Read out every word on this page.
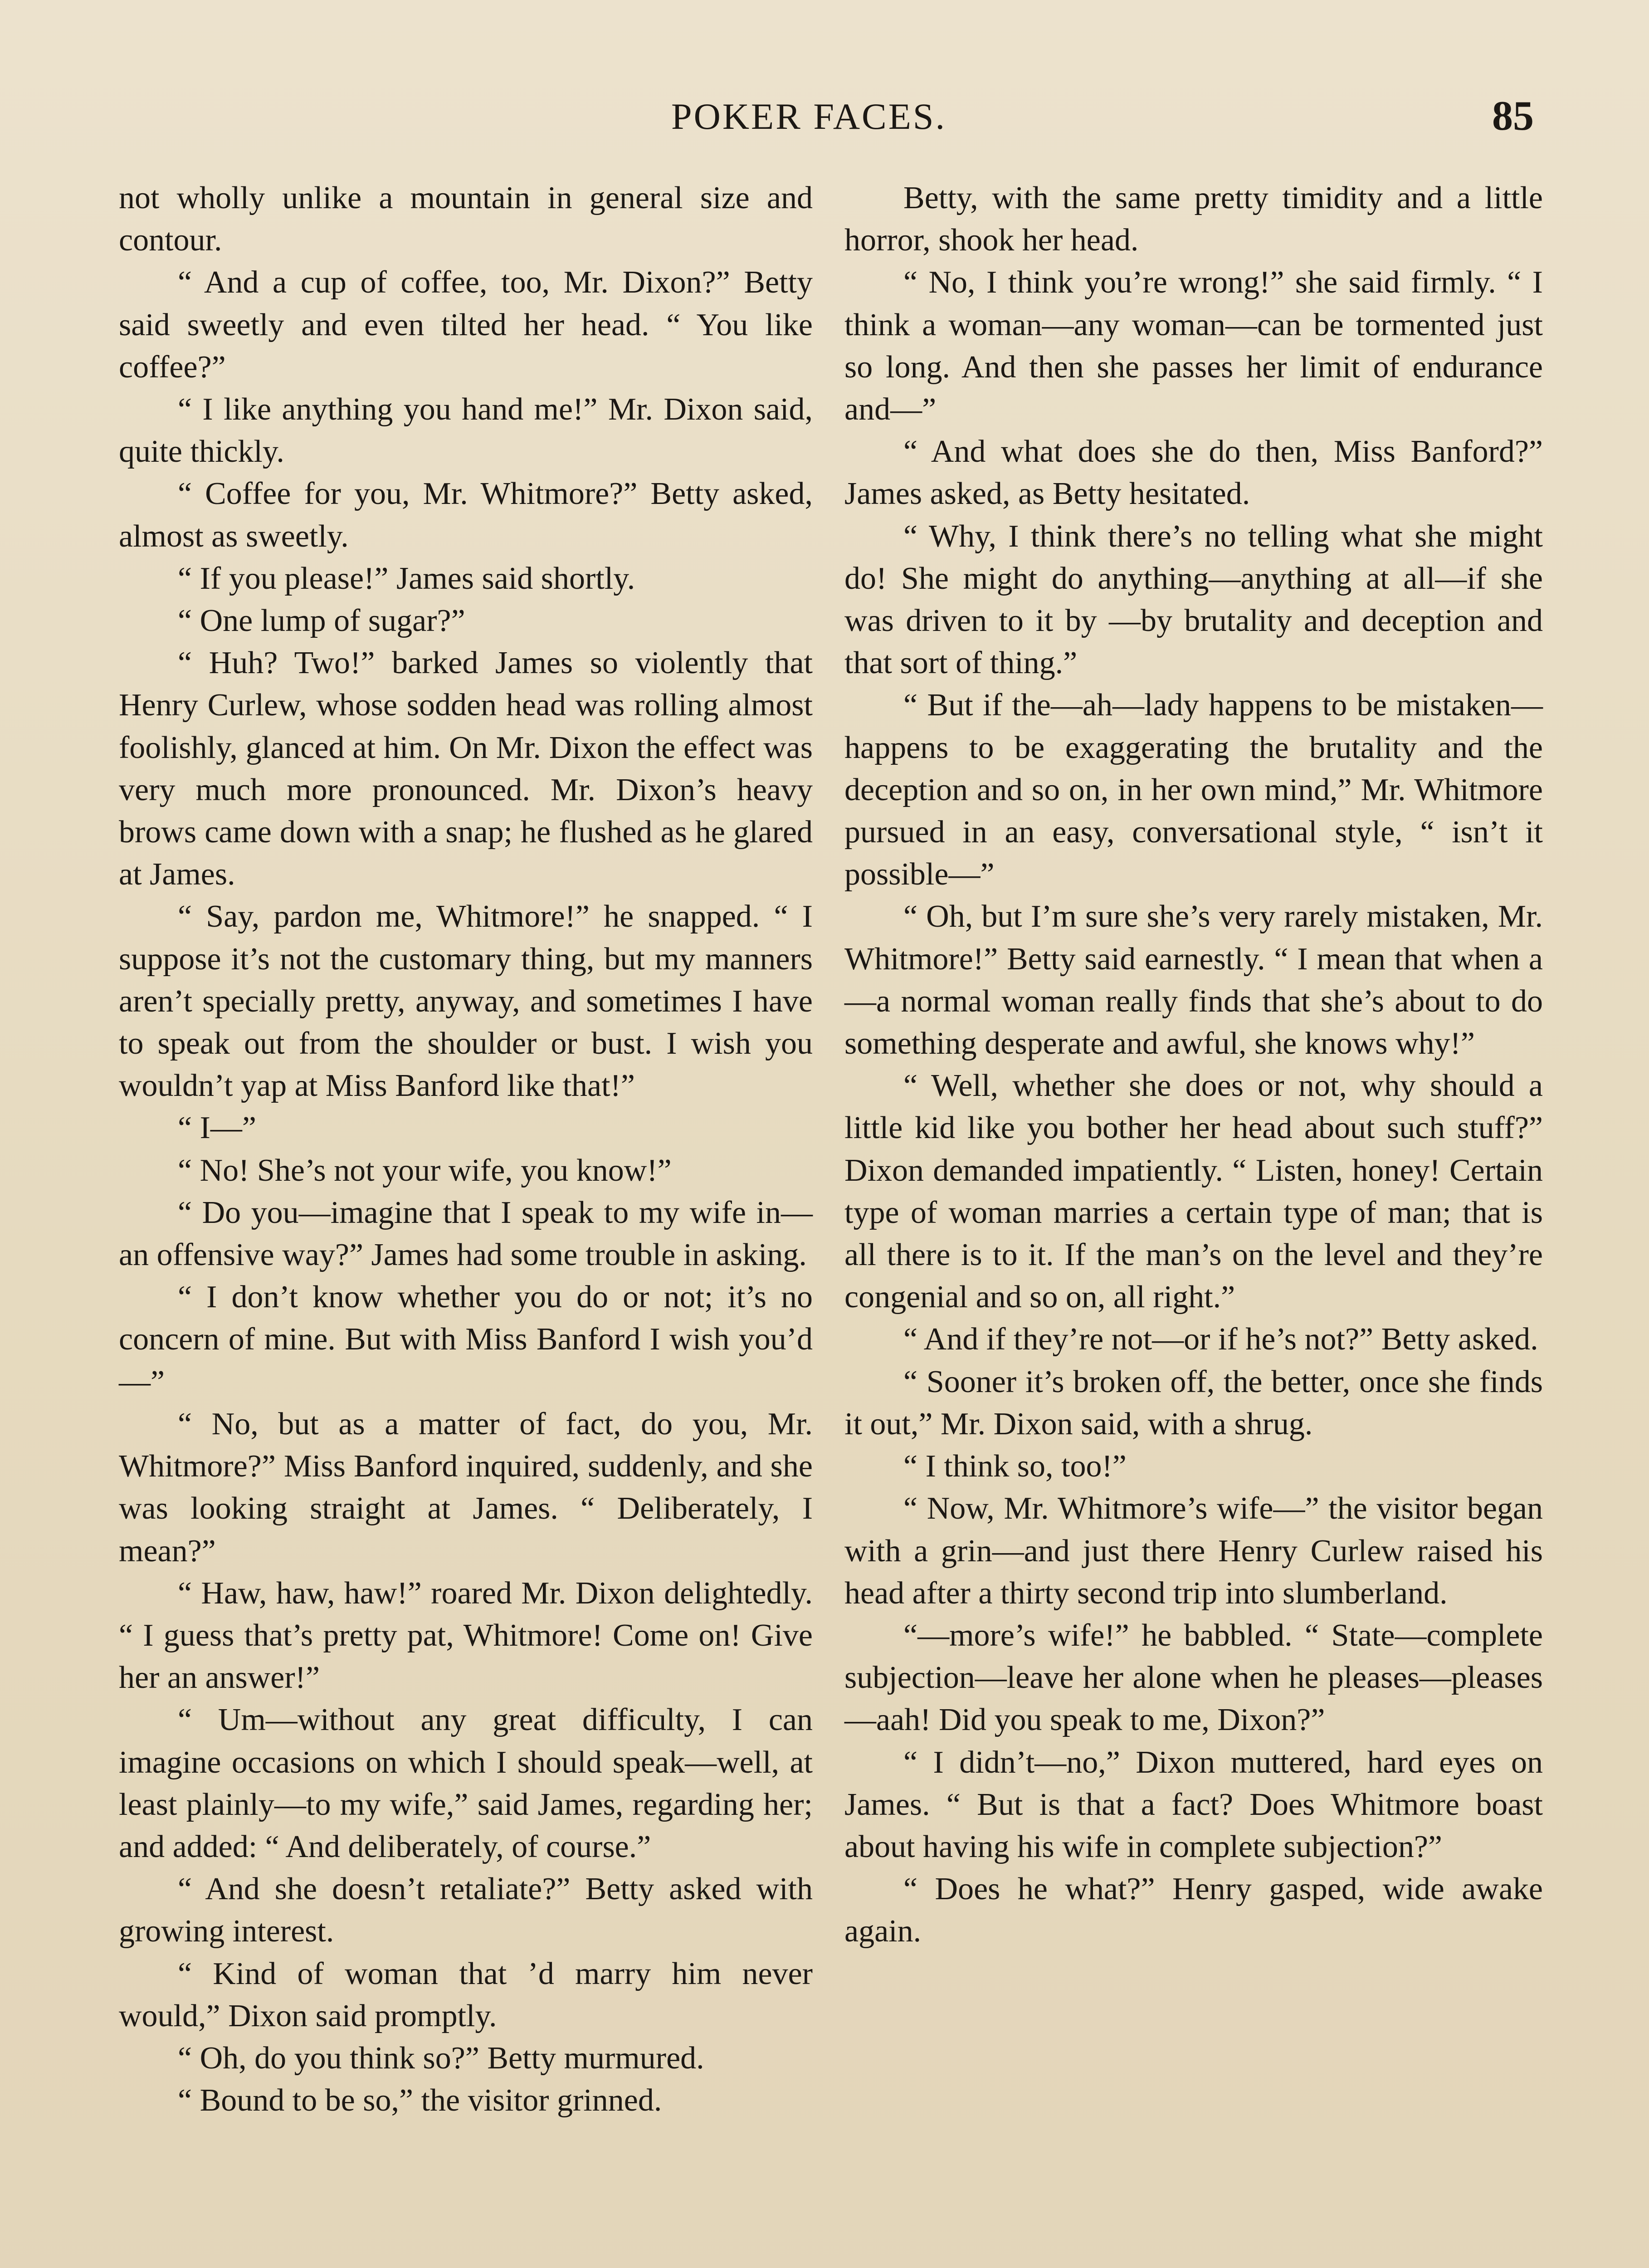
POKER FACES.	85

not wholly unlike a mountain in general size and contour.

“ And a cup of coffee, too, Mr. Dixon?” Betty said sweetly and even tilted her head. “ You like coffee?”

“ I like anything you hand me!” Mr. Dixon said, quite thickly.

“ Coffee for you, Mr. Whitmore?” Betty asked, almost as sweetly.

“ If you please!” James said shortly.

“ One lump of sugar?”

“ Huh? Two!” barked James so violently that Henry Curlew, whose sodden head was rolling almost foolishly, glanced at him. On Mr. Dixon the effect was very much more pronounced. Mr. Dixon’s heavy brows came down with a snap; he flushed as he glared at James.

“ Say, pardon me, Whitmore!” he snapped. “ I suppose it’s not the customary thing, but my manners aren’t specially pretty, anyway, and sometimes I have to speak out from the shoulder or bust. I wish you wouldn’t yap at Miss Banford like that!”

“ I—”

“ No! She’s not your wife, you know!”

“ Do you—imagine that I speak to my wife in—an offensive way?” James had some trouble in asking.

“ I don’t know whether you do or not; it’s no concern of mine. But with Miss Banford I wish you’d—”

“ No, but as a matter of fact, do you, Mr. Whitmore?” Miss Banford inquired, suddenly, and she was looking straight at James. “ Deliberately, I mean?”

“ Haw, haw, haw!” roared Mr. Dixon delightedly. “ I guess that’s pretty pat, Whitmore! Come on! Give her an answer!”

“ Um—without any great difficulty, I can imagine occasions on which I should speak—well, at least plainly—to my wife,” said James, regarding her; and added: “ And deliberately, of course.”

“ And she doesn’t retaliate?” Betty asked with growing interest.

“ Kind of woman that ’d marry him never would,” Dixon said promptly.

“ Oh, do you think so?” Betty murmured.

“ Bound to be so,” the visitor grinned.

Betty, with the same pretty timidity and a little horror, shook her head.

“ No, I think you’re wrong!” she said firmly. “ I think a woman—any woman—can be tormented just so long. And then she passes her limit of endurance and—”

“ And what does she do then, Miss Banford?” James asked, as Betty hesitated.

“ Why, I think there’s no telling what she might do! She might do anything—anything at all—if she was driven to it by —by brutality and deception and that sort of thing.”

“ But if the—ah—lady happens to be mistaken—happens to be exaggerating the brutality and the deception and so on, in her own mind,” Mr. Whitmore pursued in an easy, conversational style, “ isn’t it possible—”

“ Oh, but I’m sure she’s very rarely mistaken, Mr. Whitmore!” Betty said earnestly. “ I mean that when a—a normal woman really finds that she’s about to do something desperate and awful, she knows why!”

“ Well, whether she does or not, why should a little kid like you bother her head about such stuff?” Dixon demanded impatiently. “ Listen, honey! Certain type of woman marries a certain type of man; that is all there is to it. If the man’s on the level and they’re congenial and so on, all right.”

“ And if they’re not—or if he’s not?” Betty asked.

“ Sooner it’s broken off, the better, once she finds it out,” Mr. Dixon said, with a shrug.

“ I think so, too!”

“ Now, Mr. Whitmore’s wife—” the visitor began with a grin—and just there Henry Curlew raised his head after a thirty second trip into slumberland.

“—more’s wife!” he babbled. “ State—complete subjection—leave her alone when he pleases—pleases—aah! Did you speak to me, Dixon?”

“ I didn’t—no,” Dixon muttered, hard eyes on James. “ But is that a fact? Does Whitmore boast about having his wife in complete subjection?”

“ Does he what?” Henry gasped, wide awake again.
